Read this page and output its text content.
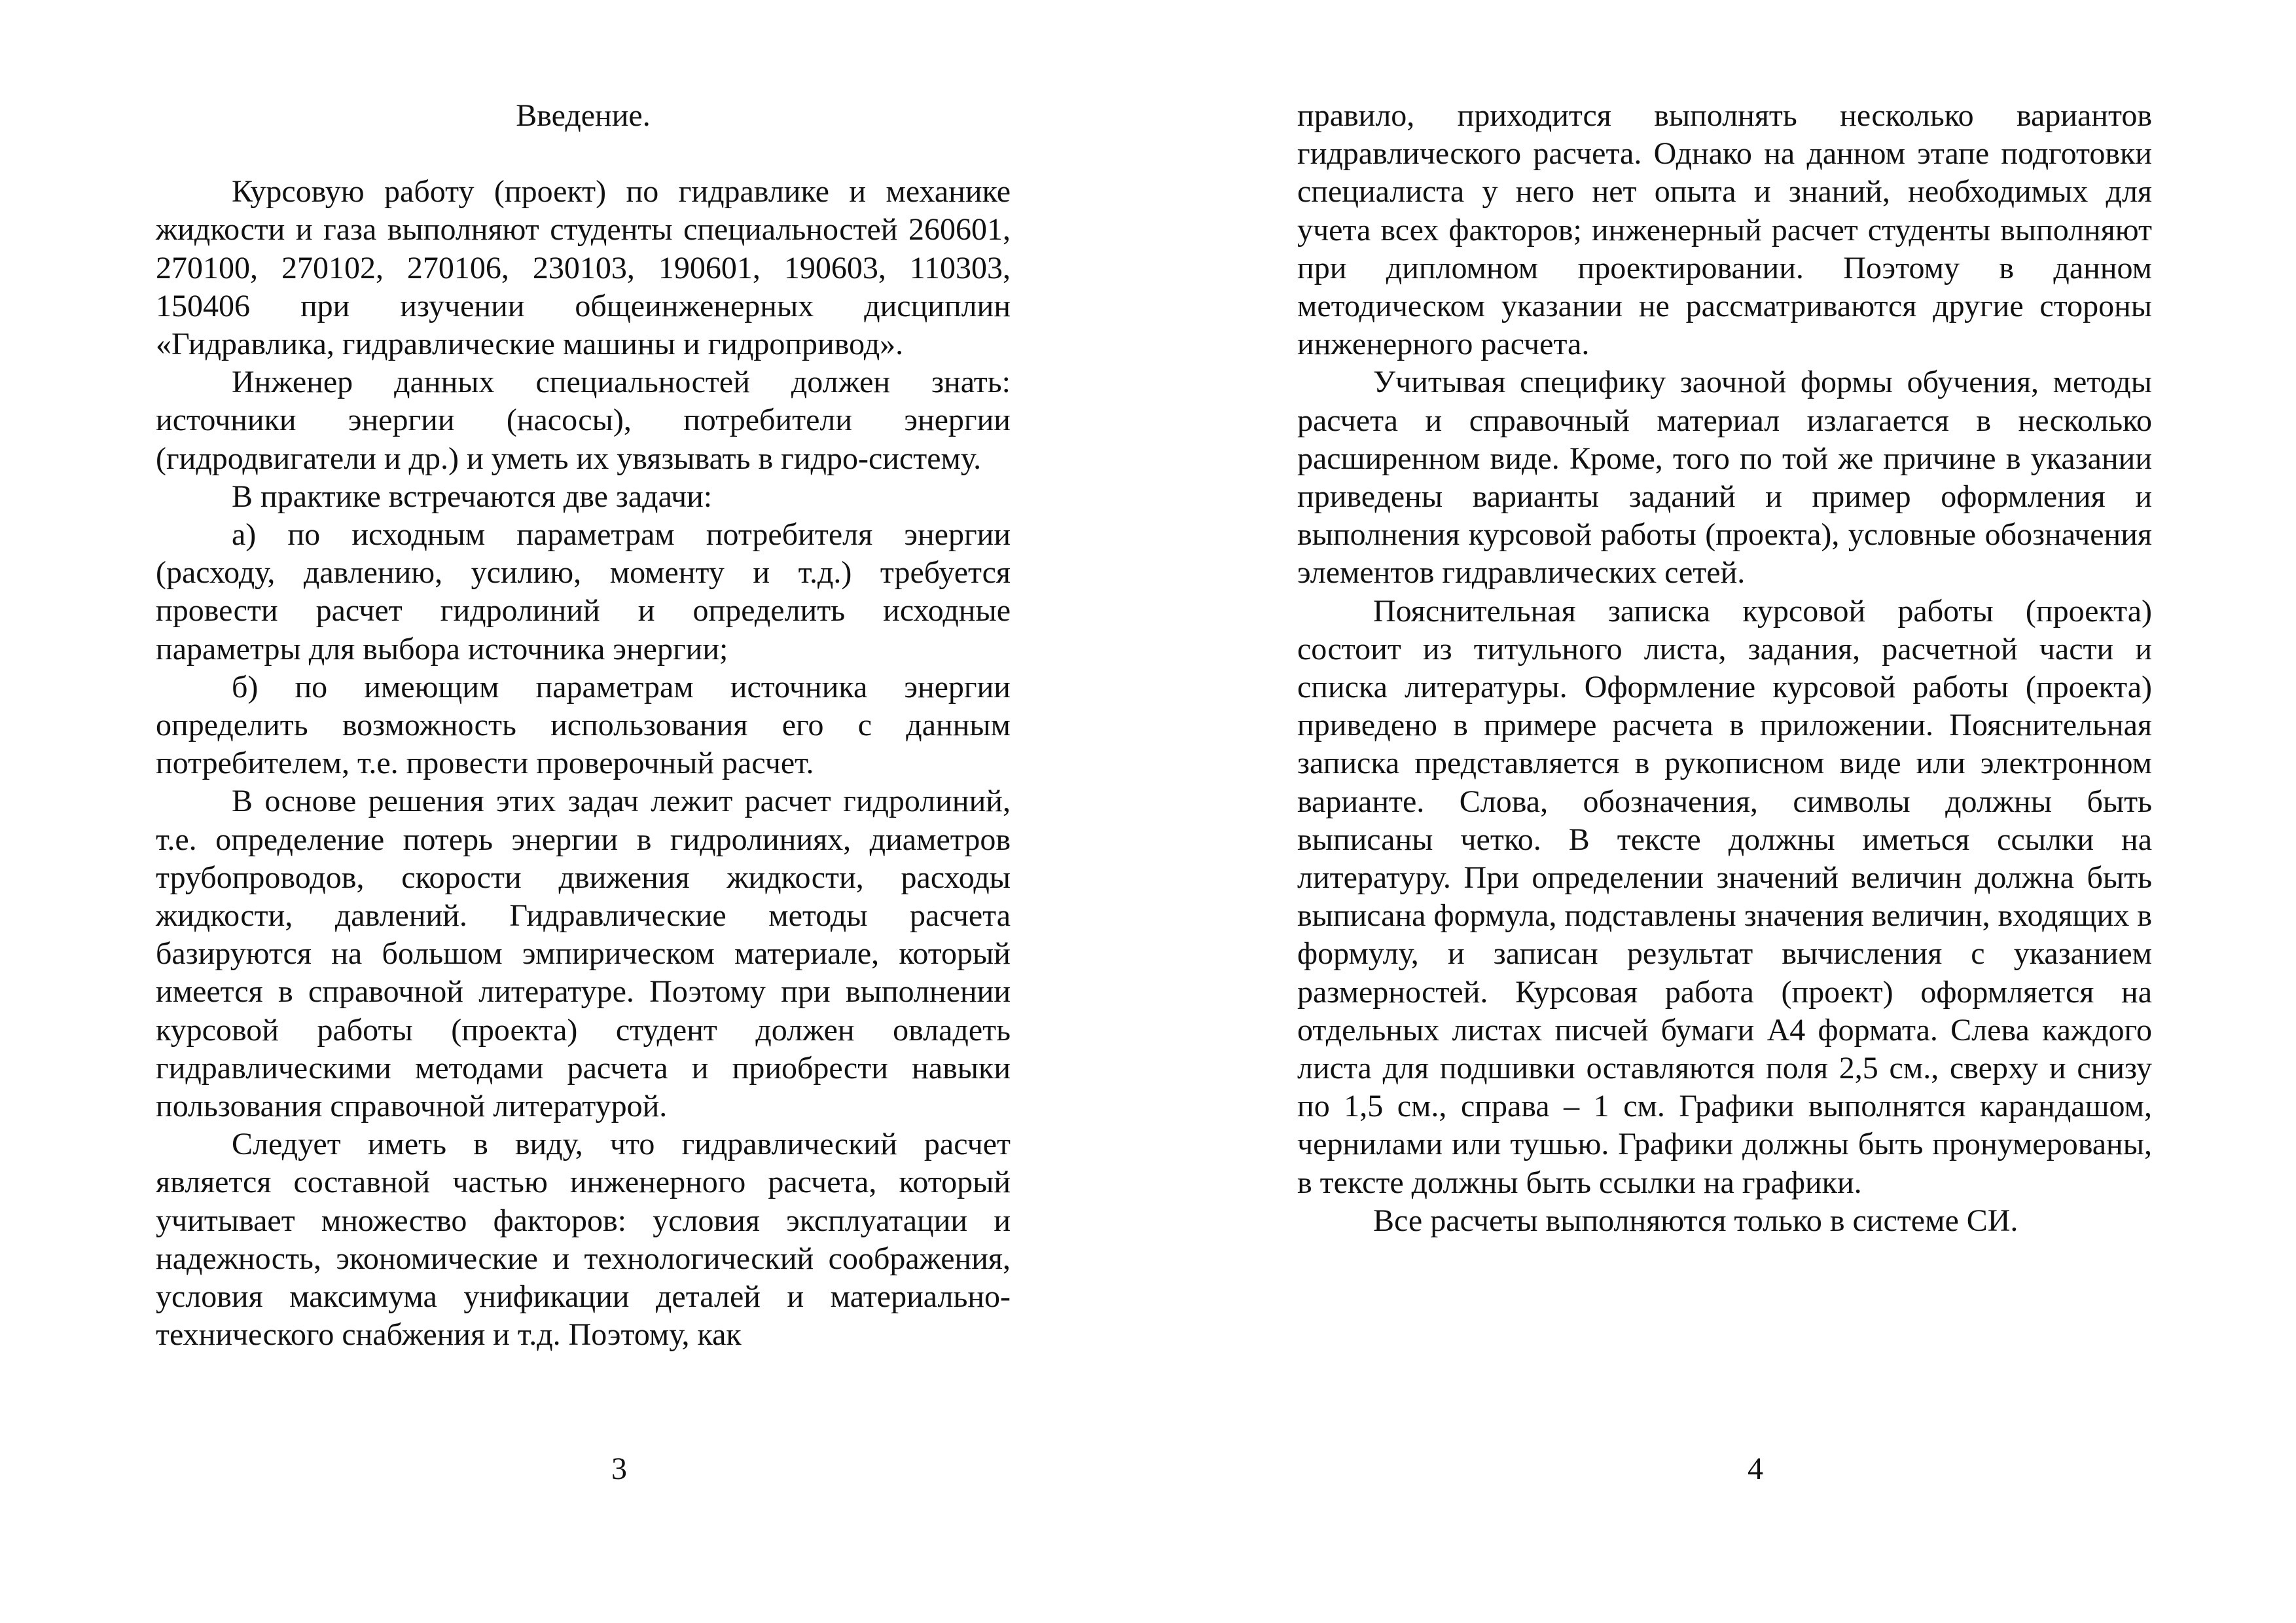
Введение.

Курсовую работу (проект) по гидравлике и механике жидкости и газа выполняют студенты специальностей 260601, 270100, 270102, 270106, 230103, 190601, 190603, 110303, 150406 при изучении общеинженерных дисциплин «Гидравлика, гидравлические машины и гидропривод».

Инженер данных специальностей должен знать: источники энергии (насосы), потребители энергии (гидродвигатели и др.) и уметь их увязывать в гидро-систему.

В практике встречаются две задачи:

а) по исходным параметрам потребителя энергии (расходу, давлению, усилию, моменту и т.д.) требуется провести расчет гидролиний и определить исходные параметры для выбора источника энергии;

б) по имеющим параметрам источника энергии определить возможность использования его с данным потребителем, т.е. провести проверочный расчет.

В основе решения этих задач лежит расчет гидролиний, т.е. определение потерь энергии в гидролиниях, диаметров трубопроводов, скорости движения жидкости, расходы жидкости, давлений. Гидравлические методы расчета базируются на большом эмпирическом материале, который имеется в справочной литературе. Поэтому при выполнении курсовой работы (проекта) студент должен овладеть гидравлическими методами расчета и приобрести навыки пользования справочной литературой.

Следует иметь в виду, что гидравлический расчет является составной частью инженерного расчета, который учитывает множество факторов: условия эксплуатации и надежность, экономические и технологический соображения, условия максимума унификации деталей и материально-технического снабжения и т.д. Поэтому, как

3

правило, приходится выполнять несколько вариантов гидравлического расчета. Однако на данном этапе подготовки специалиста у него нет опыта и знаний, необходимых для учета всех факторов; инженерный расчет студенты выполняют при дипломном проектировании. Поэтому в данном методическом указании не рассматриваются другие стороны инженерного расчета.

Учитывая специфику заочной формы обучения, методы расчета и справочный материал излагается в несколько расширенном виде. Кроме, того по той же причине в указании приведены варианты заданий и пример оформления и выполнения курсовой работы (проекта), условные обозначения элементов гидравлических сетей.

Пояснительная записка курсовой работы (проекта) состоит из титульного листа, задания, расчетной части и списка литературы. Оформление курсовой работы (проекта) приведено в примере расчета в приложении. Пояснительная записка представляется в рукописном виде или электронном варианте. Слова, обозначения, символы должны быть выписаны четко. В тексте должны иметься ссылки на литературу. При определении значений величин должна быть выписана формула, подставлены значения величин, входящих в формулу, и записан результат вычисления с указанием размерностей. Курсовая работа (проект) оформляется на отдельных листах писчей бумаги А4 формата. Слева каждого листа для подшивки оставляются поля 2,5 см., сверху и снизу по 1,5 см., справа – 1 см. Графики выполнятся карандашом, чернилами или тушью. Графики должны быть пронумерованы, в тексте должны быть ссылки на графики.

Все расчеты выполняются только в системе СИ.

4
